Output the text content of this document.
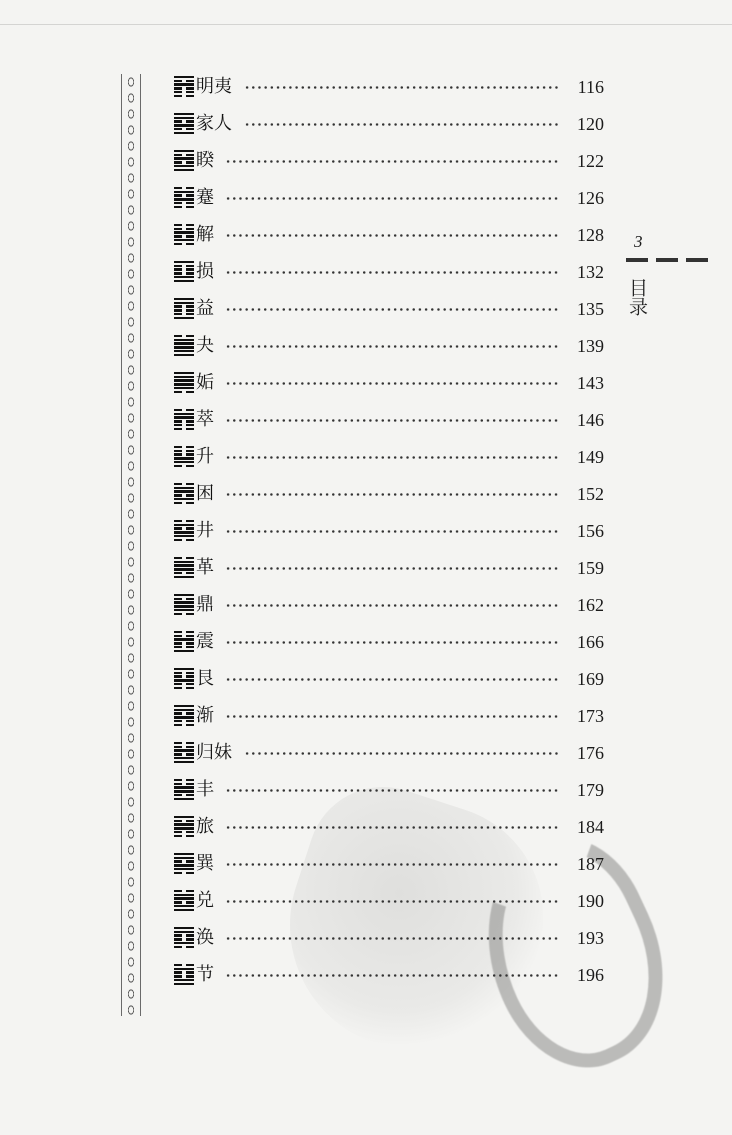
明夷	116
家人	120
睽	122
蹇	126
解	128
损	132
益	135
夬	139
姤	143
萃	146
升	149
困	152
井	156
革	159
鼎	162
震	166
艮	169
渐	173
归妹	176
丰	179
旅	184
巽	187
兑	190
涣	193
节	196
3
目录
